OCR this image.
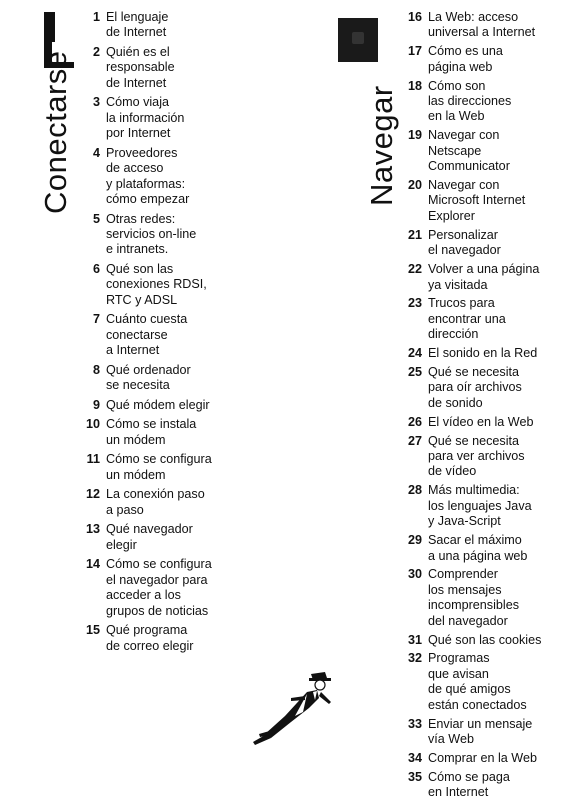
Conectarse	Navegar
1 El lenguaje
de Internet
2 Quién es el
responsable
de Internet
3 Cómo viaja
la información
por Internet
4 Proveedores
de acceso
y plataformas:
cómo empezar
5 Otras redes:
servicios on-line
e intranets.
6 Qué son las
conexiones RDSI,
RTC y ADSL
7 Cuánto cuesta
conectarse
a Internet
8 Qué ordenador
se necesita
9 Qué módem elegir
10 Cómo se instala
un módem
11 Cómo se configura
un módem
12 La conexión paso
a paso
13 Qué navegador
elegir
14 Cómo se configura
el navegador para
acceder a los
grupos de noticias
15 Qué programa
de correo elegir
16 La Web: acceso
universal a Internet
17 Cómo es una
página web
18 Cómo son
las direcciones
en la Web
19 Navegar con
Netscape
Communicator
20 Navegar con
Microsoft Internet
Explorer
21 Personalizar
el navegador
22 Volver a una página
ya visitada
23 Trucos para
encontrar una
dirección
24 El sonido en la Red
25 Qué se necesita
para oír archivos
de sonido
26 El vídeo en la Web
27 Qué se necesita
para ver archivos
de vídeo
28 Más multimedia:
los lenguajes Java
y Java-Script
29 Sacar el máximo
a una página web
30 Comprender
los mensajes
incomprensibles
del navegador
31 Qué son las cookies
32 Programas
que avisan
de qué amigos
están conectados
33 Enviar un mensaje
vía Web
34 Comprar en la Web
35 Cómo se paga
en Internet
